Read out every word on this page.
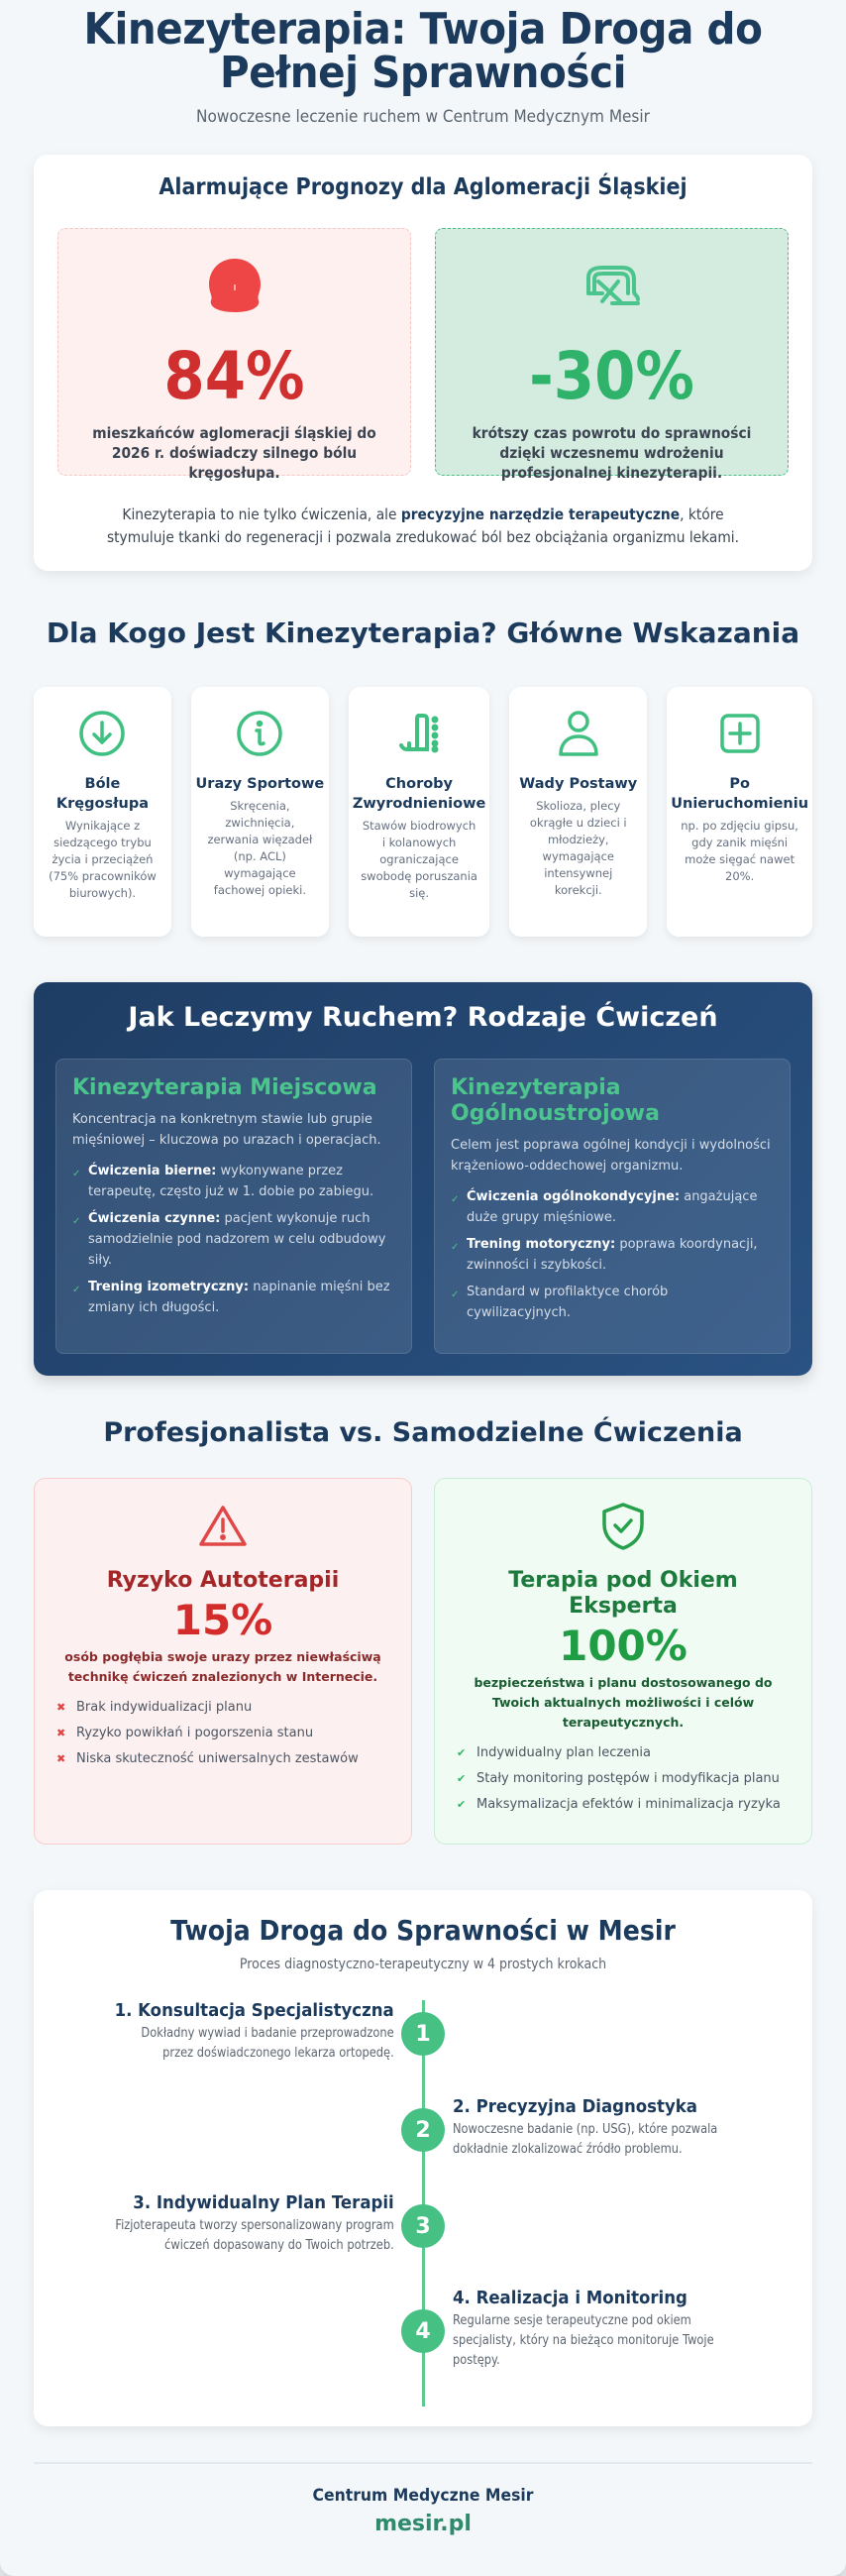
Kinezyterapia: Twoja Droga do Pełnej Sprawności

Nowoczesne leczenie ruchem w Centrum Medycznym Mesir

Alarmujące Prognozy dla Aglomeracji Śląskiej
84%

mieszkańców aglomeracji śląskiej do 2026 r. doświadczy silnego bólu kręgosłupa.

-30%

krótszy czas powrotu do sprawności dzięki wczesnemu wdrożeniu profesjonalnej kinezyterapii.

Kinezyterapia to nie tylko ćwiczenia, ale precyzyjne narzędzie terapeutyczne, które stymuluje tkanki do regeneracji i pozwala zredukować ból bez obciążania organizmu lekami.

Dla Kogo Jest Kinezyterapia? Główne Wskazania
Bóle Kręgosłupa

Wynikające z siedzącego trybu życia i przeciążeń (75% pracowników biurowych).

Urazy Sportowe

Skręcenia, zwichnięcia, zerwania więzadeł (np. ACL) wymagające fachowej opieki.

Choroby Zwyrodnieniowe

Stawów biodrowych i kolanowych ograniczające swobodę poruszania się.

Wady Postawy

Skolioza, plecy okrągłe u dzieci i młodzieży, wymagające intensywnej korekcji.

Po Unieruchomieniu

np. po zdjęciu gipsu, gdy zanik mięśni może sięgać nawet 20%.

Jak Leczymy Ruchem? Rodzaje Ćwiczeń
Kinezyterapia Miejscowa

Koncentracja na konkretnym stawie lub grupie mięśniowej – kluczowa po urazach i operacjach.

✓ Ćwiczenia bierne: wykonywane przez terapeutę, często już w 1. dobie po zabiegu.
✓ Ćwiczenia czynne: pacjent wykonuje ruch samodzielnie pod nadzorem w celu odbudowy siły.
✓ Trening izometryczny: napinanie mięśni bez zmiany ich długości.
Kinezyterapia Ogólnoustrojowa

Celem jest poprawa ogólnej kondycji i wydolności krążeniowo-oddechowej organizmu.

✓ Ćwiczenia ogólnokondycyjne: angażujące duże grupy mięśniowe.
✓ Trening motoryczny: poprawa koordynacji, zwinności i szybkości.
✓ Standard w profilaktyce chorób cywilizacyjnych.
Profesjonalista vs. Samodzielne Ćwiczenia
Ryzyko Autoterapii
15%

osób pogłębia swoje urazy przez niewłaściwą technikę ćwiczeń znalezionych w Internecie.

✖ Brak indywidualizacji planu
✖ Ryzyko powikłań i pogorszenia stanu
✖ Niska skuteczność uniwersalnych zestawów
Terapia pod Okiem Eksperta
100%

bezpieczeństwa i planu dostosowanego do Twoich aktualnych możliwości i celów terapeutycznych.

✔ Indywidualny plan leczenia
✔ Stały monitoring postępów i modyfikacja planu
✔ Maksymalizacja efektów i minimalizacja ryzyka
Twoja Droga do Sprawności w Mesir

Proces diagnostyczno-terapeutyczny w 4 prostych krokach

1
1. Konsultacja Specjalistyczna

Dokładny wywiad i badanie przeprowadzone przez doświadczonego lekarza ortopedę.

2
2. Precyzyjna Diagnostyka

Nowoczesne badanie (np. USG), które pozwala dokładnie zlokalizować źródło problemu.

3
3. Indywidualny Plan Terapii

Fizjoterapeuta tworzy spersonalizowany program ćwiczeń dopasowany do Twoich potrzeb.

4
4. Realizacja i Monitoring

Regularne sesje terapeutyczne pod okiem specjalisty, który na bieżąco monitoruje Twoje postępy.

Centrum Medyczne Mesir
mesir.pl
